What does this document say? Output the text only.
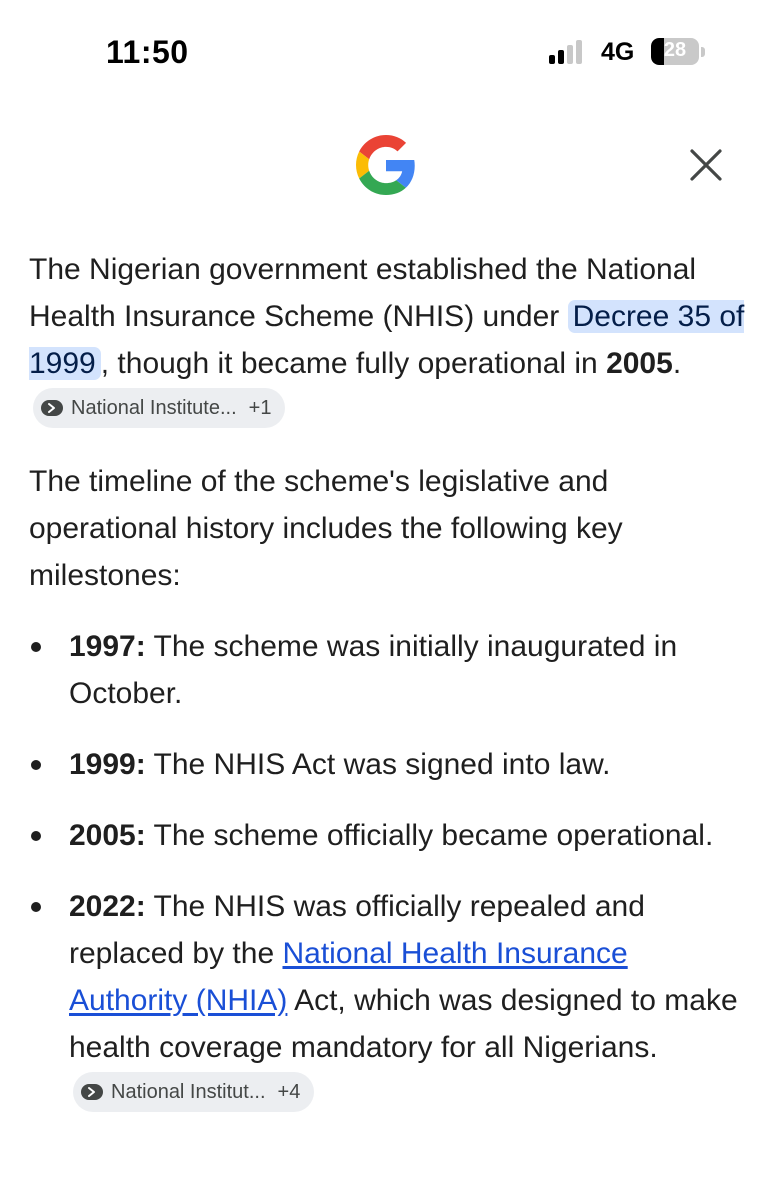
11:50	4G	28

The Nigerian government established the National Health Insurance Scheme (NHIS) under Decree 35 of 1999 , though it became fully operational in 2005.
National Institute... +1

The timeline of the scheme's legislative and operational history includes the following key milestones:

1997: The scheme was initially inaugurated in October.
1999: The NHIS Act was signed into law.
2005: The scheme officially became operational.
2022: The NHIS was officially repealed and replaced by the National Health Insurance Authority (NHIA) Act, which was designed to make health coverage mandatory for all Nigerians.
National Institut... +4
